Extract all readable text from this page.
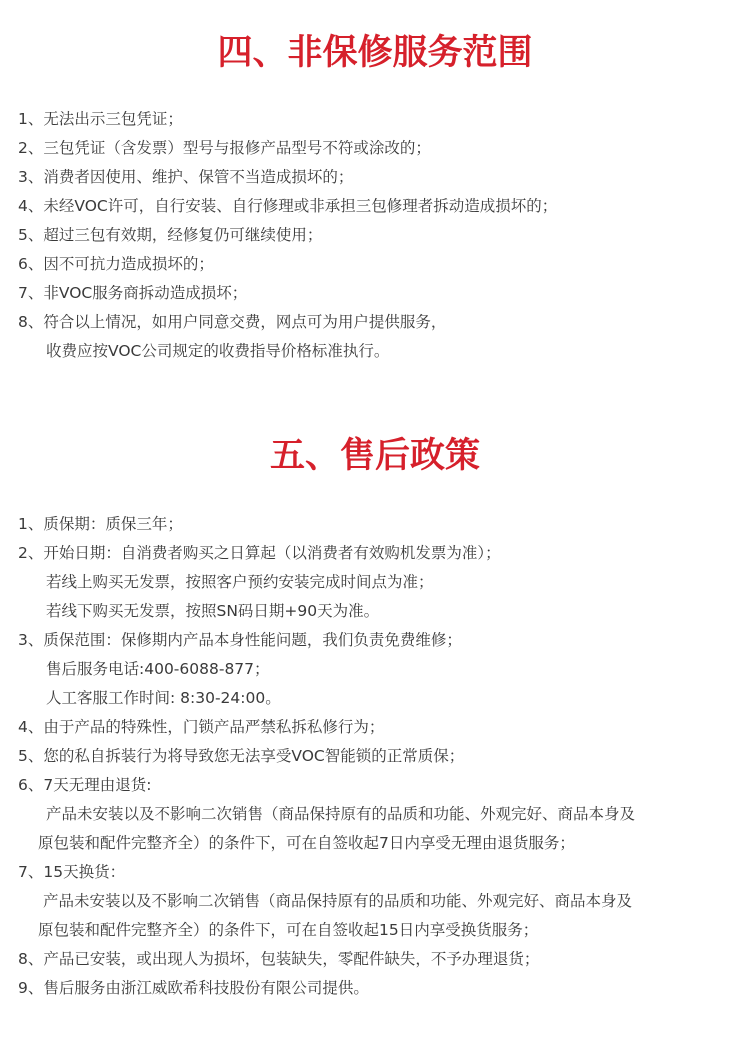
四、非保修服务范围
1、无法出示三包凭证；
2、三包凭证（含发票）型号与报修产品型号不符或涂改的；
3、消费者因使用、维护、保管不当造成损坏的；
4、未经VOC许可，自行安装、自行修理或非承担三包修理者拆动造成损坏的；
5、超过三包有效期，经修复仍可继续使用；
6、因不可抗力造成损坏的；
7、非VOC服务商拆动造成损坏；
8、符合以上情况，如用户同意交费，网点可为用户提供服务，
收费应按VOC公司规定的收费指导价格标准执行。
五、售后政策
1、质保期：质保三年；
2、开始日期：自消费者购买之日算起（以消费者有效购机发票为准）；
若线上购买无发票，按照客户预约安装完成时间点为准；
若线下购买无发票，按照SN码日期+90天为准。
3、质保范围：保修期内产品本身性能问题，我们负责免费维修；
售后服务电话:400-6088-877；
人工客服工作时间: 8:30-24:00。
4、由于产品的特殊性，门锁产品严禁私拆私修行为；
5、您的私自拆装行为将导致您无法享受VOC智能锁的正常质保；
6、7天无理由退货:
产品未安装以及不影响二次销售（商品保持原有的品质和功能、外观完好、商品本身及
原包装和配件完整齐全）的条件下，可在自签收起7日内享受无理由退货服务；
7、15天换货：
产品未安装以及不影响二次销售（商品保持原有的品质和功能、外观完好、商品本身及
原包装和配件完整齐全）的条件下，可在自签收起15日内享受换货服务；
8、产品已安装，或出现人为损坏，包装缺失，零配件缺失，不予办理退货；
9、售后服务由浙江威欧希科技股份有限公司提供。
